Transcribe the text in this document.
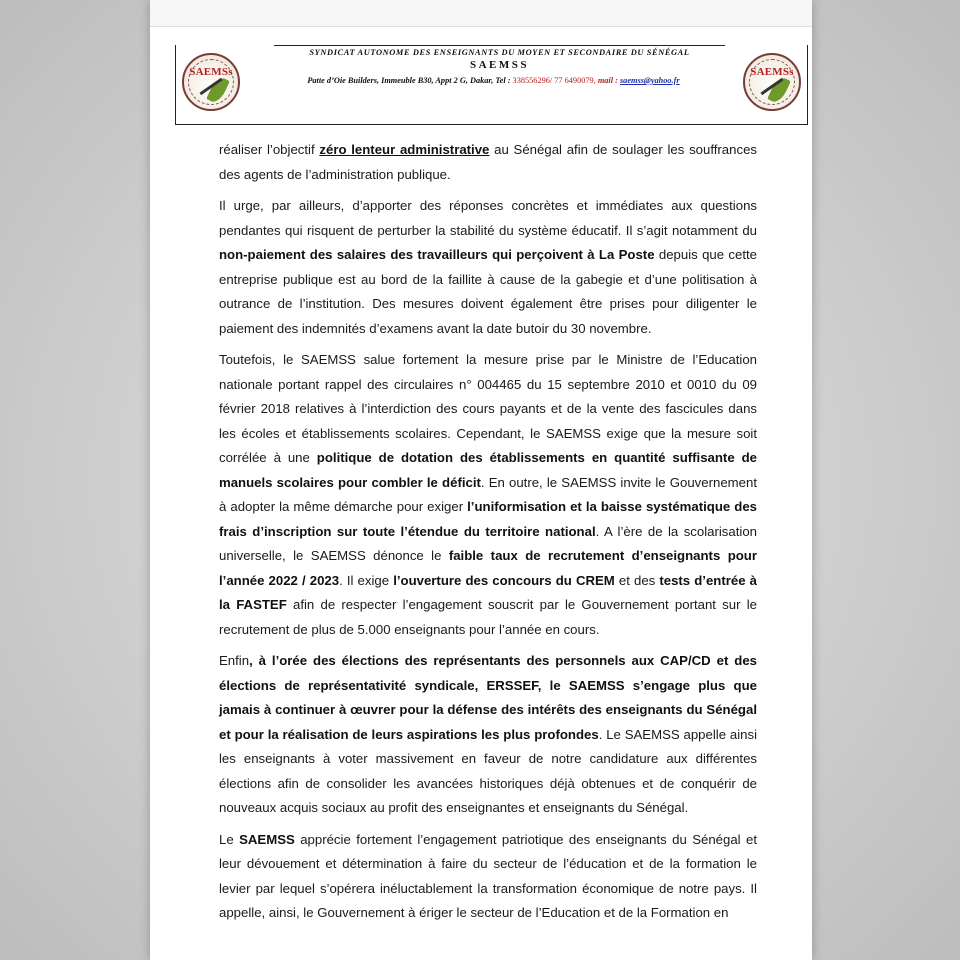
SAEMSs
SYNDICAT AUTONOME DES ENSEIGNANTS DU MOYEN ET SECONDAIRE DU SÉNÉGAL
SAEMSS
Patte d’Oie Builders, Immeuble B30, Appt 2 G, Dakar, Tel : 338556296/ 77 6490079, mail : saemss@yahoo.fr
SAEMSs

réaliser l’objectif zéro lenteur administrative au Sénégal afin de soulager les souffrances des agents de l’administration publique.

Il urge, par ailleurs, d’apporter des réponses concrètes et immédiates aux questions pendantes qui risquent de perturber la stabilité du système éducatif. Il s’agit notamment du non-paiement des salaires des travailleurs qui perçoivent à La Poste depuis que cette entreprise publique est au bord de la faillite à cause de la gabegie et d’une politisation à outrance de l’institution. Des mesures doivent également être prises pour diligenter le paiement des indemnités d’examens avant la date butoir du 30 novembre.

Toutefois, le SAEMSS salue fortement la mesure prise par le Ministre de l’Education nationale portant rappel des circulaires n° 004465 du 15 septembre 2010 et 0010 du 09 février 2018 relatives à l’interdiction des cours payants et de la vente des fascicules dans les écoles et établissements scolaires. Cependant, le SAEMSS exige que la mesure soit corrélée à une politique de dotation des établissements en quantité suffisante de manuels scolaires pour combler le déficit. En outre, le SAEMSS invite le Gouvernement à adopter la même démarche pour exiger l’uniformisation et la baisse systématique des frais d’inscription sur toute l’étendue du territoire national. A l’ère de la scolarisation universelle, le SAEMSS dénonce le faible taux de recrutement d’enseignants pour l’année 2022 / 2023. Il exige l’ouverture des concours du CREM et des tests d’entrée à la FASTEF afin de respecter l’engagement souscrit par le Gouvernement portant sur le recrutement de plus de 5.000 enseignants pour l’année en cours.

Enfin, à l’orée des élections des représentants des personnels aux CAP/CD et des élections de représentativité syndicale, ERSSEF, le SAEMSS s’engage plus que jamais à continuer à œuvrer pour la défense des intérêts des enseignants du Sénégal et pour la réalisation de leurs aspirations les plus profondes. Le SAEMSS appelle ainsi les enseignants à voter massivement en faveur de notre candidature aux différentes élections afin de consolider les avancées historiques déjà obtenues et de conquérir de nouveaux acquis sociaux au profit des enseignantes et enseignants du Sénégal.

Le SAEMSS apprécie fortement l’engagement patriotique des enseignants du Sénégal et leur dévouement et détermination à faire du secteur de l’éducation et de la formation le levier par lequel s’opérera inéluctablement la transformation économique de notre pays. Il appelle, ainsi, le Gouvernement à ériger le secteur de l’Education et de la Formation en
